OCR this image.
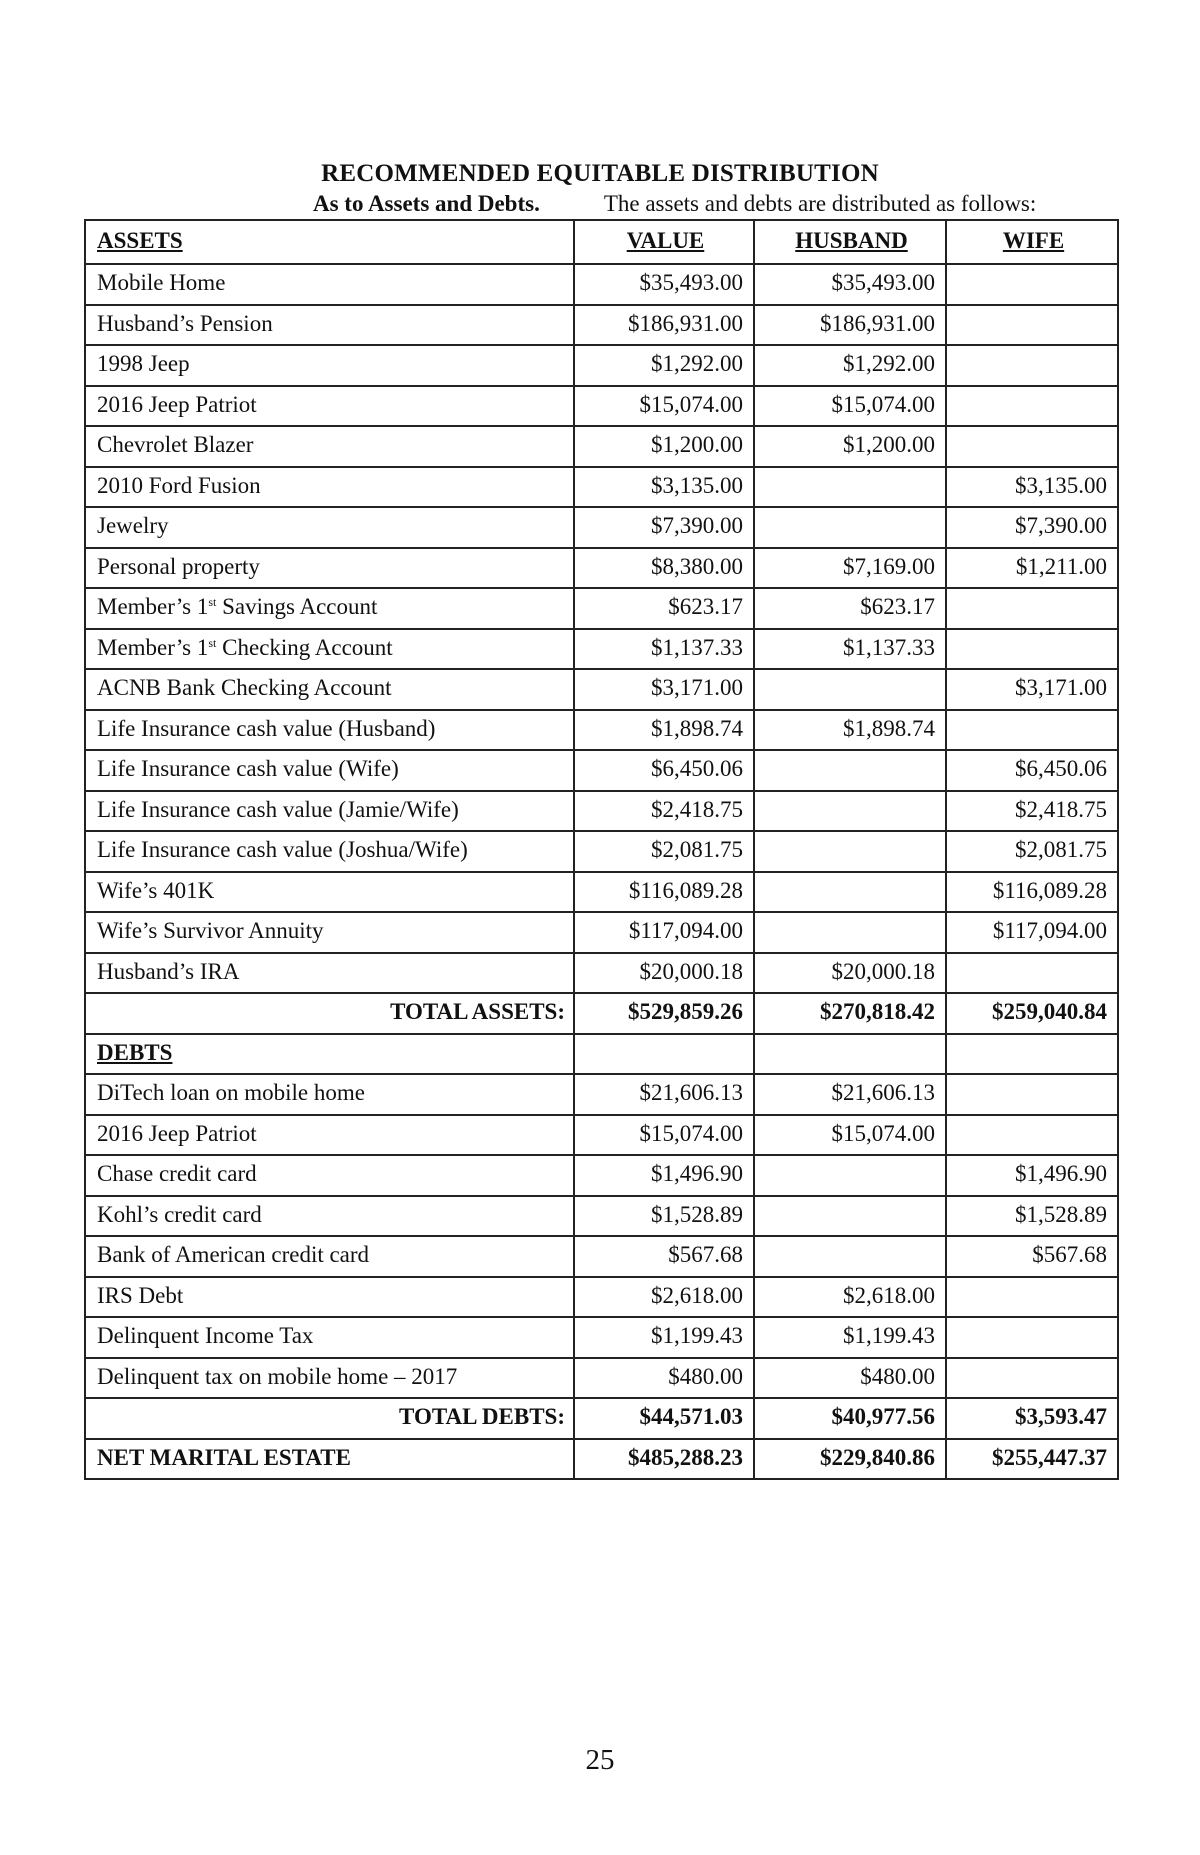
RECOMMENDED EQUITABLE DISTRIBUTION
As to Assets and Debts.	The assets and debts are distributed as follows:
ASSETS	VALUE	HUSBAND	WIFE
Mobile Home	$35,493.00	$35,493.00	
Husband’s Pension	$186,931.00	$186,931.00	
1998 Jeep	$1,292.00	$1,292.00	
2016 Jeep Patriot	$15,074.00	$15,074.00	
Chevrolet Blazer	$1,200.00	$1,200.00	
2010 Ford Fusion	$3,135.00		$3,135.00
Jewelry	$7,390.00		$7,390.00
Personal property	$8,380.00	$7,169.00	$1,211.00
Member’s 1st Savings Account	$623.17	$623.17	
Member’s 1st Checking Account	$1,137.33	$1,137.33	
ACNB Bank Checking Account	$3,171.00		$3,171.00
Life Insurance cash value (Husband)	$1,898.74	$1,898.74	
Life Insurance cash value (Wife)	$6,450.06		$6,450.06
Life Insurance cash value (Jamie/Wife)	$2,418.75		$2,418.75
Life Insurance cash value (Joshua/Wife)	$2,081.75		$2,081.75
Wife’s 401K	$116,089.28		$116,089.28
Wife’s Survivor Annuity	$117,094.00		$117,094.00
Husband’s IRA	$20,000.18	$20,000.18	
TOTAL ASSETS:	$529,859.26	$270,818.42	$259,040.84
DEBTS			
DiTech loan on mobile home	$21,606.13	$21,606.13	
2016 Jeep Patriot	$15,074.00	$15,074.00	
Chase credit card	$1,496.90		$1,496.90
Kohl’s credit card	$1,528.89		$1,528.89
Bank of American credit card	$567.68		$567.68
IRS Debt	$2,618.00	$2,618.00	
Delinquent Income Tax	$1,199.43	$1,199.43	
Delinquent tax on mobile home – 2017	$480.00	$480.00	
TOTAL DEBTS:	$44,571.03	$40,977.56	$3,593.47
NET MARITAL ESTATE	$485,288.23	$229,840.86	$255,447.37
25
